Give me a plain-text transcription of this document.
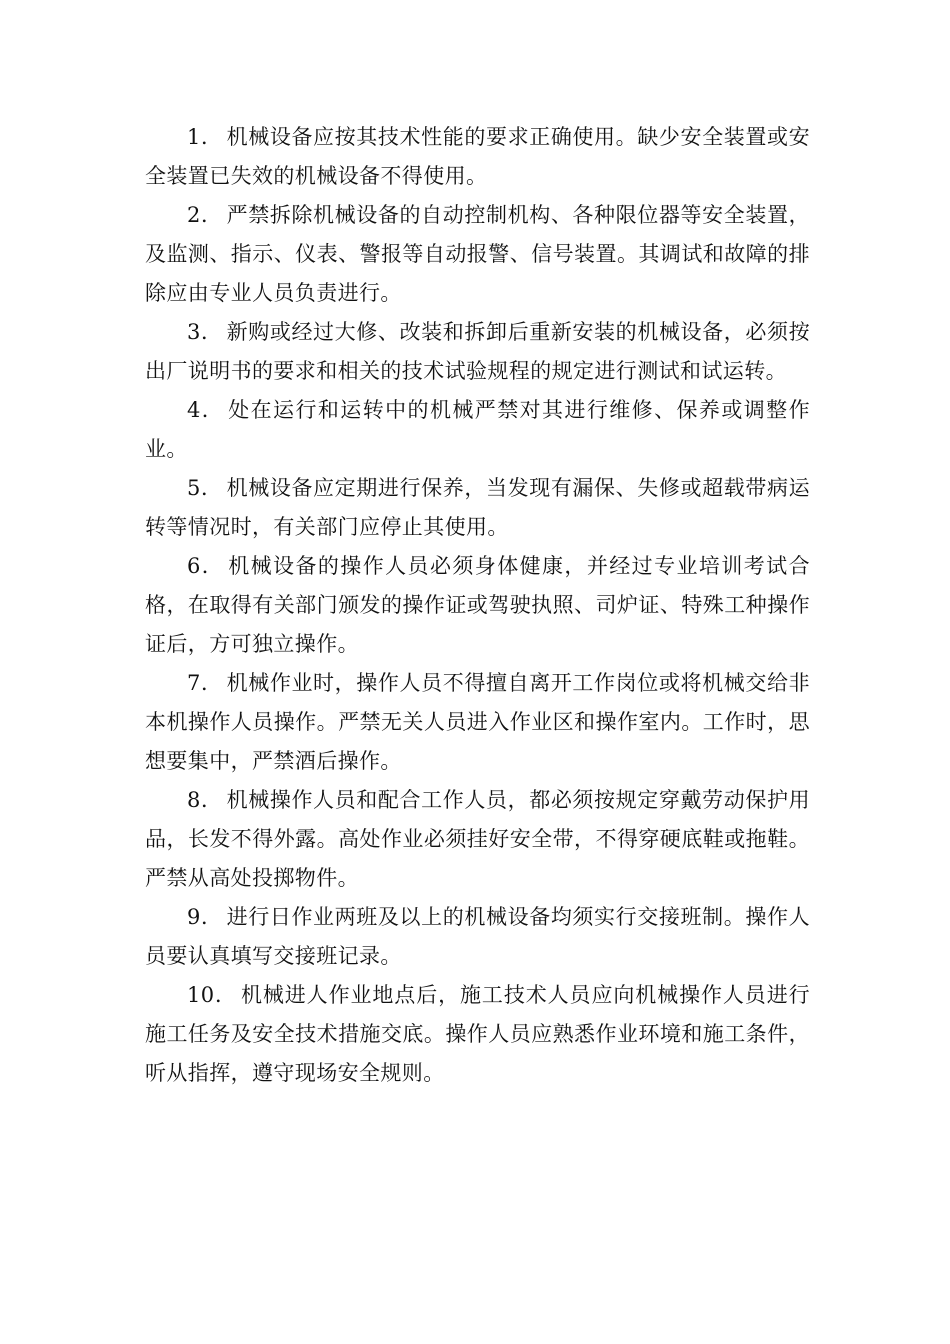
1． 机械设备应按其技术性能的要求正确使用。缺少安全装置或安全装置已失效的机械设备不得使用。

2． 严禁拆除机械设备的自动控制机构、各种限位器等安全装置，及监测、指示、仪表、警报等自动报警、信号装置。其调试和故障的排除应由专业人员负责进行。

3． 新购或经过大修、改装和拆卸后重新安装的机械设备，必须按出厂说明书的要求和相关的技术试验规程的规定进行测试和试运转。

4． 处在运行和运转中的机械严禁对其进行维修、保养或调整作业。

5． 机械设备应定期进行保养，当发现有漏保、失修或超载带病运转等情况时，有关部门应停止其使用。

6． 机械设备的操作人员必须身体健康，并经过专业培训考试合格，在取得有关部门颁发的操作证或驾驶执照、司炉证、特殊工种操作证后，方可独立操作。

7． 机械作业时，操作人员不得擅自离开工作岗位或将机械交给非本机操作人员操作。严禁无关人员进入作业区和操作室内。工作时，思想要集中，严禁酒后操作。

8． 机械操作人员和配合工作人员，都必须按规定穿戴劳动保护用品，长发不得外露。高处作业必须挂好安全带，不得穿硬底鞋或拖鞋。严禁从高处投掷物件。

9． 进行日作业两班及以上的机械设备均须实行交接班制。操作人员要认真填写交接班记录。

10． 机械进人作业地点后，施工技术人员应向机械操作人员进行施工任务及安全技术措施交底。操作人员应熟悉作业环境和施工条件，听从指挥，遵守现场安全规则。
